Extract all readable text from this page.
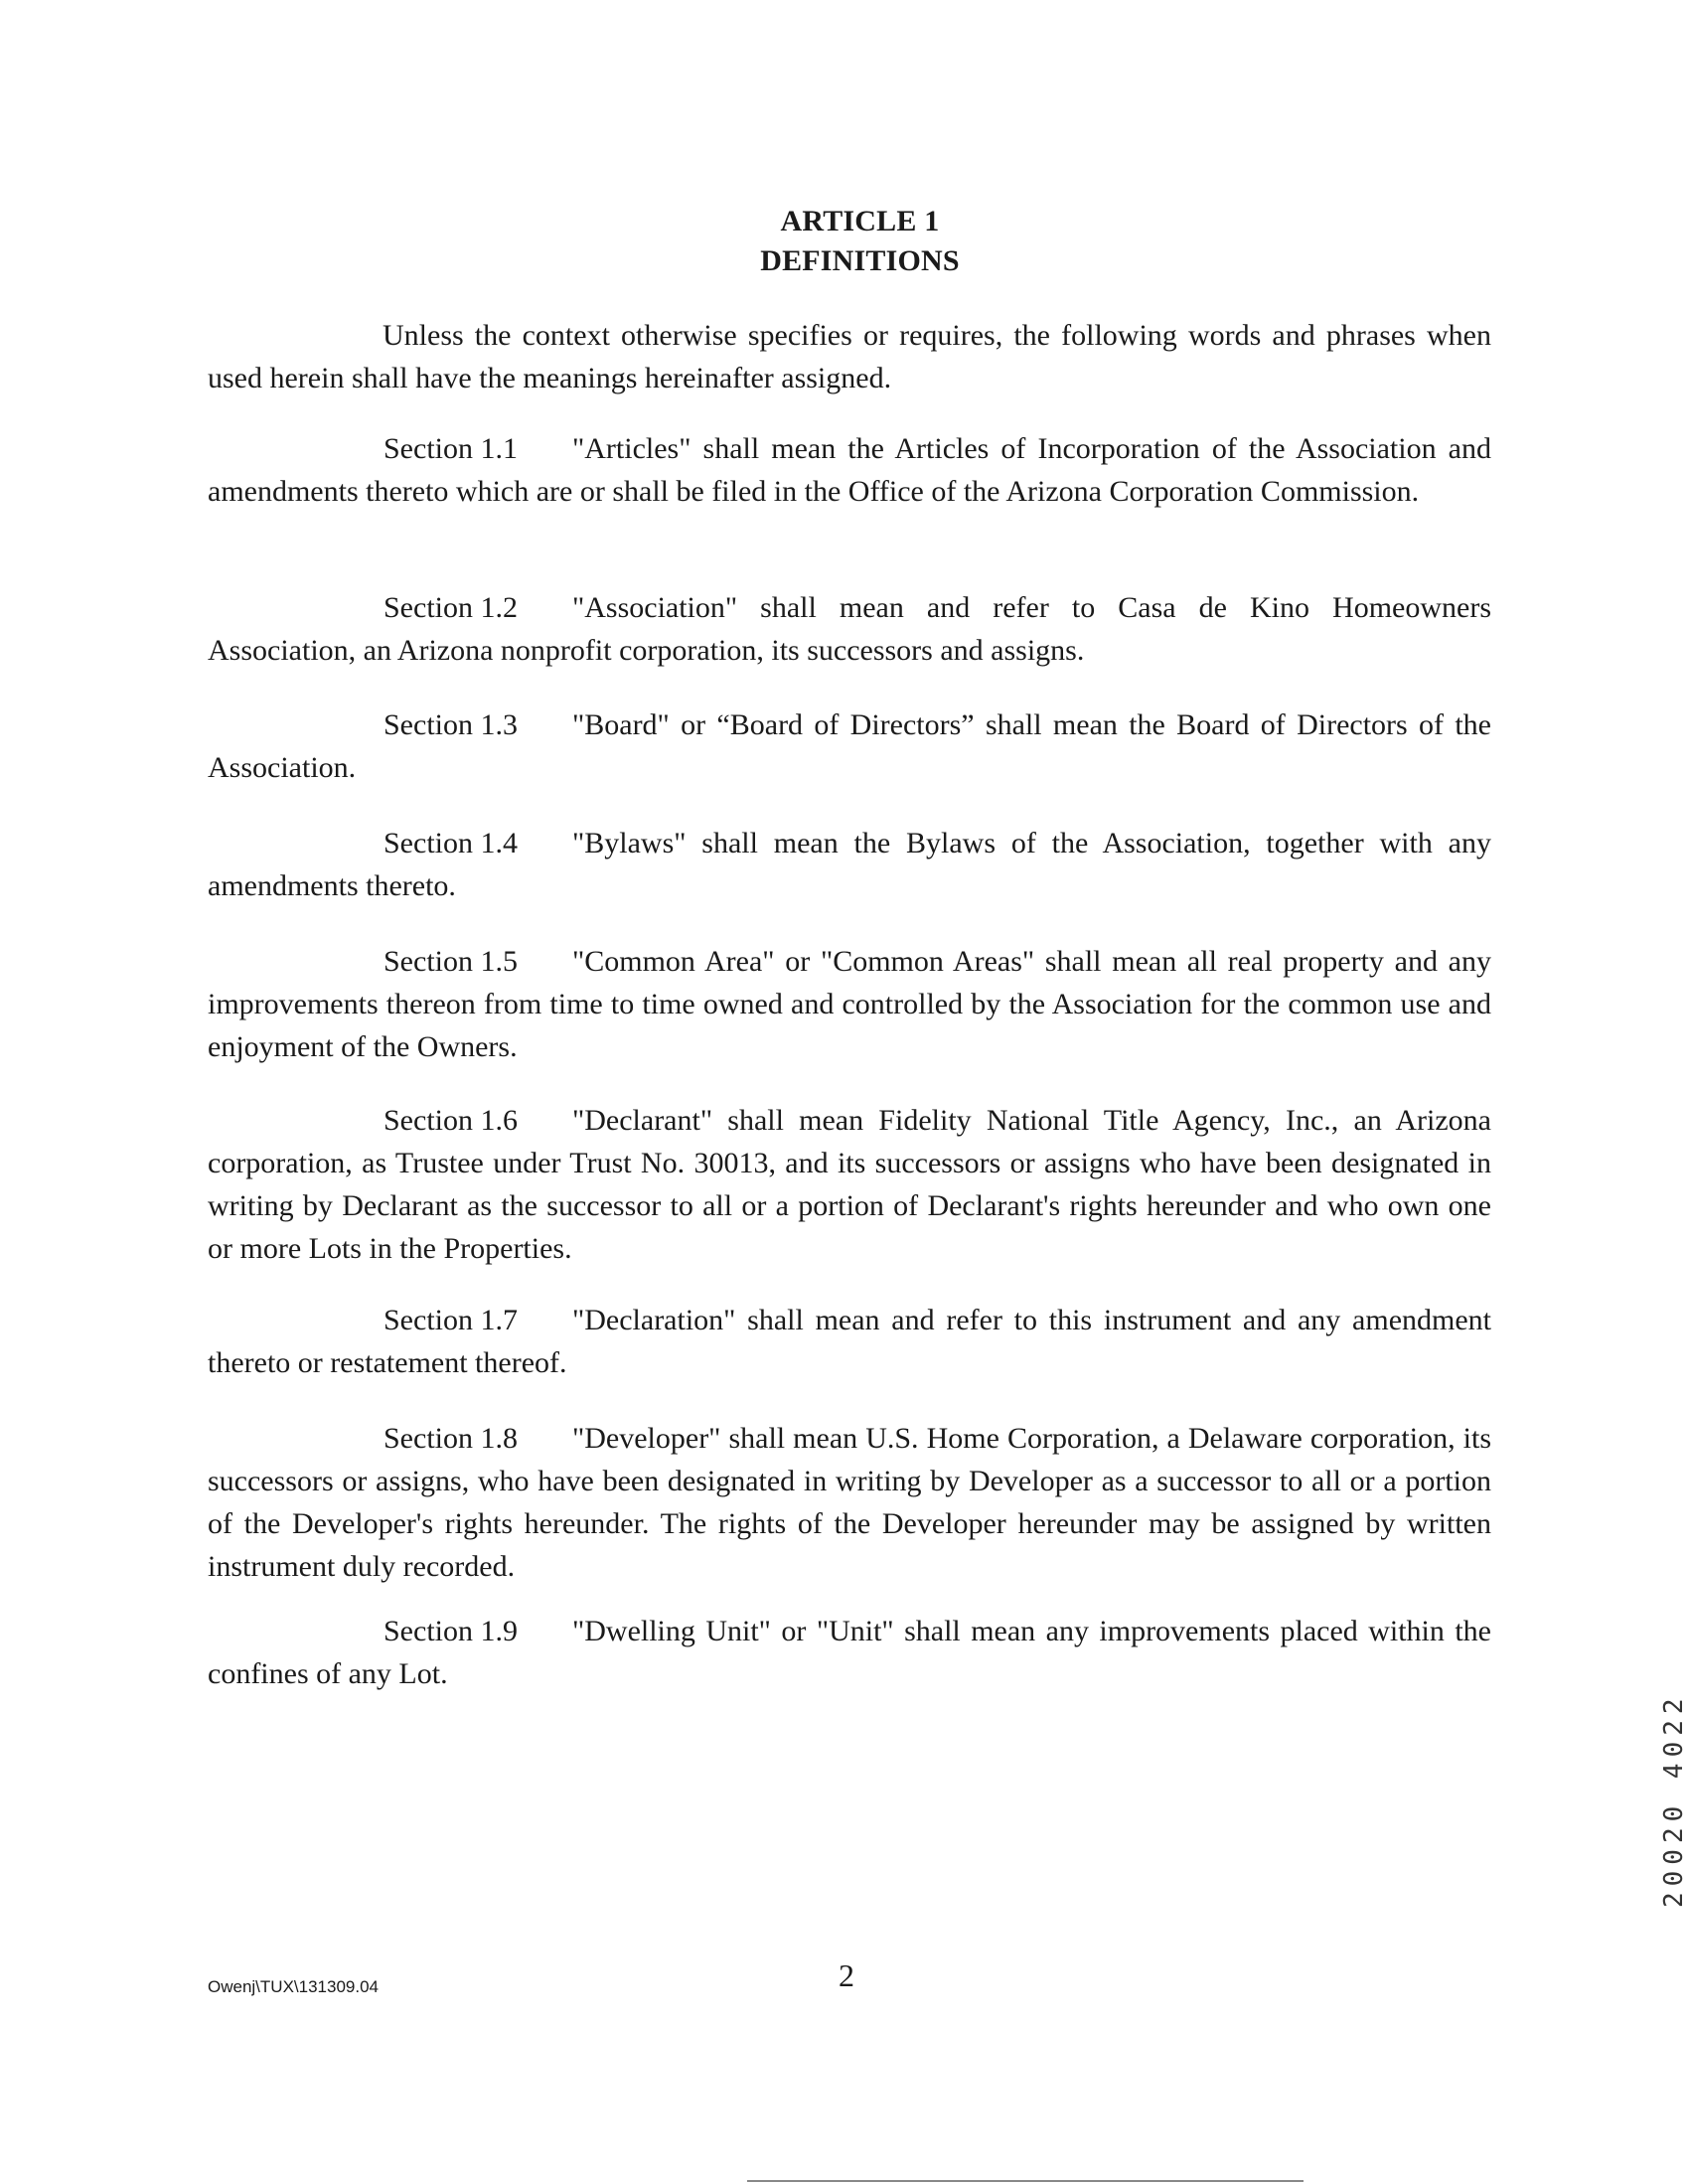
ARTICLE 1
DEFINITIONS

Unless the context otherwise specifies or requires, the following words and phrases when used herein shall have the meanings hereinafter assigned.

Section 1.1 "Articles" shall mean the Articles of Incorporation of the Association and amendments thereto which are or shall be filed in the Office of the Arizona Corporation Commission.

Section 1.2 "Association" shall mean and refer to Casa de Kino Homeowners Association, an Arizona nonprofit corporation, its successors and assigns.

Section 1.3 "Board" or “Board of Directors” shall mean the Board of Directors of the Association.

Section 1.4 "Bylaws" shall mean the Bylaws of the Association, together with any amendments thereto.

Section 1.5 "Common Area" or "Common Areas" shall mean all real property and any improvements thereon from time to time owned and controlled by the Association for the common use and enjoyment of the Owners.

Section 1.6 "Declarant" shall mean Fidelity National Title Agency, Inc., an Arizona corporation, as Trustee under Trust No. 30013, and its successors or assigns who have been designated in writing by Declarant as the successor to all or a portion of Declarant's rights hereunder and who own one or more Lots in the Properties.

Section 1.7 "Declaration" shall mean and refer to this instrument and any amendment thereto or restatement thereof.

Section 1.8 "Developer" shall mean U.S. Home Corporation, a Delaware corporation, its successors or assigns, who have been designated in writing by Developer as a successor to all or a portion of the Developer's rights hereunder. The rights of the Developer hereunder may be assigned by written instrument duly recorded.

Section 1.9 "Dwelling Unit" or "Unit" shall mean any improvements placed within the confines of any Lot.

Owenj\TUX\131309.04	2
20020 4022
